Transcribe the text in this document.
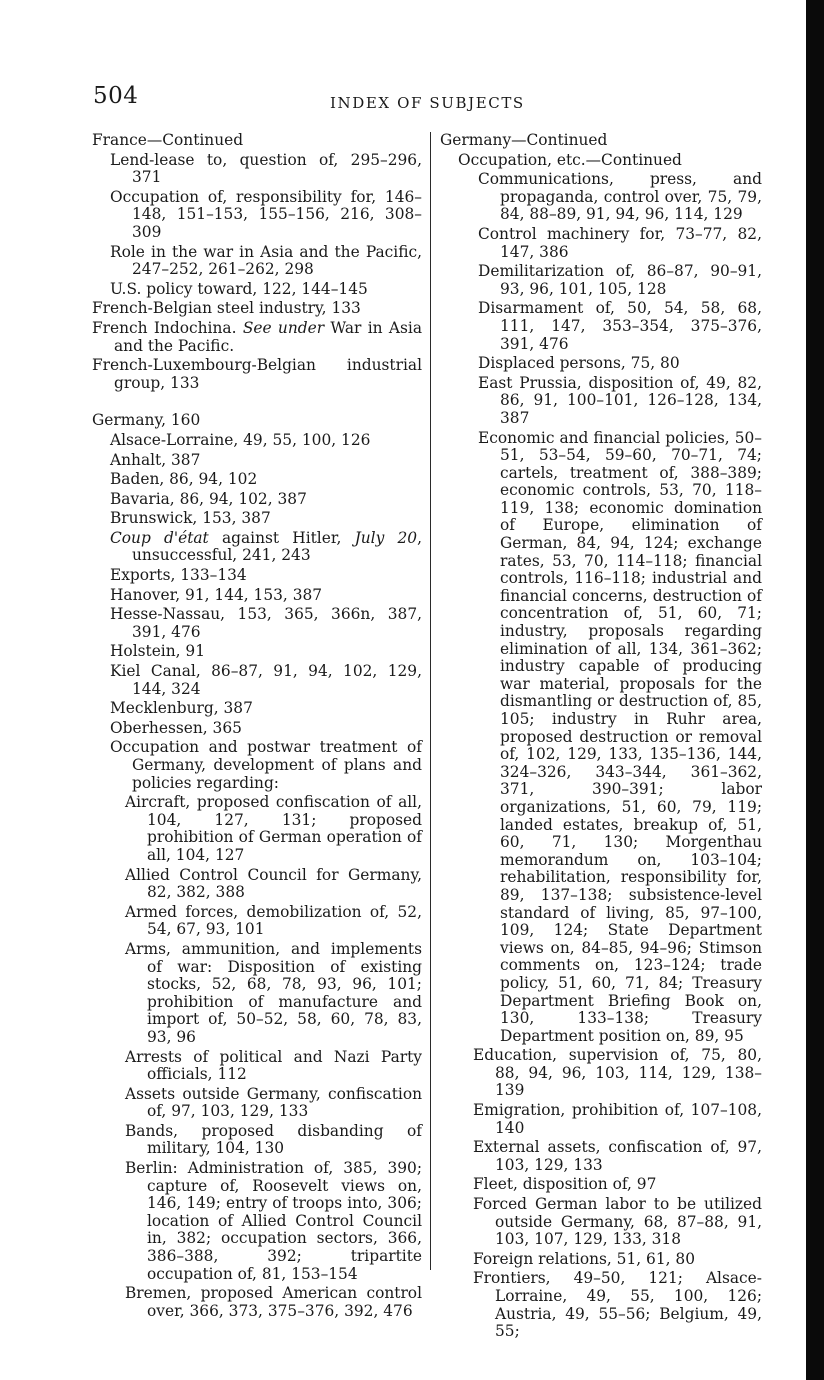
504	INDEX OF SUBJECTS
France—Continued
Lend-lease to, question of, 295–296, 371
Occupation of, responsibility for, 146–148, 151–153, 155–156, 216, 308–309
Role in the war in Asia and the Pacific, 247–252, 261–262, 298
U.S. policy toward, 122, 144–145
French-Belgian steel industry, 133
French Indochina. See under War in Asia and the Pacific.
French-Luxembourg-Belgian industrial group, 133
Germany, 160
Alsace-Lorraine, 49, 55, 100, 126
Anhalt, 387
Baden, 86, 94, 102
Bavaria, 86, 94, 102, 387
Brunswick, 153, 387
Coup d'état against Hitler, July 20, unsuccessful, 241, 243
Exports, 133–134
Hanover, 91, 144, 153, 387
Hesse-Nassau, 153, 365, 366n, 387, 391, 476
Holstein, 91
Kiel Canal, 86–87, 91, 94, 102, 129, 144, 324
Mecklenburg, 387
Oberhessen, 365
Occupation and postwar treatment of Germany, development of plans and policies regarding:
Aircraft, proposed confiscation of all, 104, 127, 131; proposed prohibition of German operation of all, 104, 127
Allied Control Council for Germany, 82, 382, 388
Armed forces, demobilization of, 52, 54, 67, 93, 101
Arms, ammunition, and implements of war: Disposition of existing stocks, 52, 68, 78, 93, 96, 101; prohibition of manufacture and import of, 50–52, 58, 60, 78, 83, 93, 96
Arrests of political and Nazi Party officials, 112
Assets outside Germany, confiscation of, 97, 103, 129, 133
Bands, proposed disbanding of military, 104, 130
Berlin: Administration of, 385, 390; capture of, Roosevelt views on, 146, 149; entry of troops into, 306; location of Allied Control Council in, 382; occupation sectors, 366, 386–388, 392; tripartite occupation of, 81, 153–154
Bremen, proposed American control over, 366, 373, 375–376, 392, 476
Germany—Continued
Occupation, etc.—Continued
Communications, press, and propaganda, control over, 75, 79, 84, 88–89, 91, 94, 96, 114, 129
Control machinery for, 73–77, 82, 147, 386
Demilitarization of, 86–87, 90–91, 93, 96, 101, 105, 128
Disarmament of, 50, 54, 58, 68, 111, 147, 353–354, 375–376, 391, 476
Displaced persons, 75, 80
East Prussia, disposition of, 49, 82, 86, 91, 100–101, 126–128, 134, 387
Economic and financial policies, 50–51, 53–54, 59–60, 70–71, 74; cartels, treatment of, 388–389; economic controls, 53, 70, 118–119, 138; economic domination of Europe, elimination of German, 84, 94, 124; exchange rates, 53, 70, 114–118; financial controls, 116–118; industrial and financial concerns, destruction of concentration of, 51, 60, 71; industry, proposals regarding elimination of all, 134, 361–362; industry capable of producing war material, proposals for the dismantling or destruction of, 85, 105; industry in Ruhr area, proposed destruction or removal of, 102, 129, 133, 135–136, 144, 324–326, 343–344, 361–362, 371, 390–391; labor organizations, 51, 60, 79, 119; landed estates, breakup of, 51, 60, 71, 130; Morgenthau memorandum on, 103–104; rehabilitation, responsibility for, 89, 137–138; subsistence-level standard of living, 85, 97–100, 109, 124; State Department views on, 84–85, 94–96; Stimson comments on, 123–124; trade policy, 51, 60, 71, 84; Treasury Department Briefing Book on, 130, 133–138; Treasury Department position on, 89, 95
Education, supervision of, 75, 80, 88, 94, 96, 103, 114, 129, 138–139
Emigration, prohibition of, 107–108, 140
External assets, confiscation of, 97, 103, 129, 133
Fleet, disposition of, 97
Forced German labor to be utilized outside Germany, 68, 87–88, 91, 103, 107, 129, 133, 318
Foreign relations, 51, 61, 80
Frontiers, 49–50, 121; Alsace-Lorraine, 49, 55, 100, 126; Austria, 49, 55–56; Belgium, 49, 55;
